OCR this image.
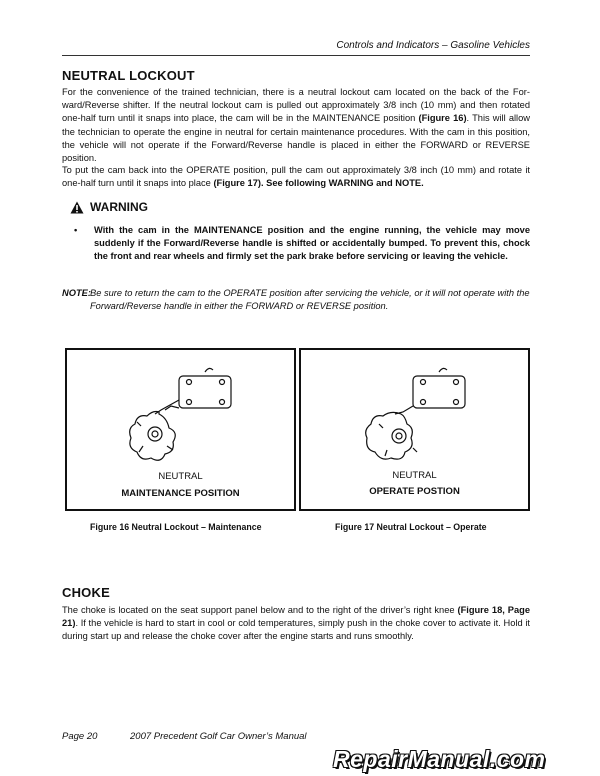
Controls and Indicators – Gasoline Vehicles
NEUTRAL LOCKOUT

For the convenience of the trained technician, there is a neutral lockout cam located on the back of the Forward/Reverse shifter. If the neutral lockout cam is pulled out approximately 3/8 inch (10 mm) and then rotated one-half turn until it snaps into place, the cam will be in the MAINTENANCE position (Figure 16). This will allow the technician to operate the engine in neutral for certain maintenance procedures. With the cam in this position, the vehicle will not operate if the Forward/Reverse handle is placed in either the FORWARD or REVERSE position.

To put the cam back into the OPERATE position, pull the cam out approximately 3/8 inch (10 mm) and rotate it one-half turn until it snaps into place (Figure 17). See following WARNING and NOTE.

WARNING
•	With the cam in the MAINTENANCE position and the engine running, the vehicle may move suddenly if the Forward/Reverse handle is shifted or accidentally bumped. To prevent this, chock the front and rear wheels and firmly set the park brake before servicing or leaving the vehicle.
NOTE: Be sure to return the cam to the OPERATE position after servicing the vehicle, or it will not operate with the Forward/Reverse handle in either the FORWARD or REVERSE position.
NEUTRAL
MAINTENANCE POSITION
NEUTRAL
OPERATE POSTION
Figure 16 Neutral Lockout – Maintenance	Figure 17 Neutral Lockout – Operate
CHOKE

The choke is located on the seat support panel below and to the right of the driver’s right knee (Figure 18, Page 21). If the vehicle is hard to start in cool or cold temperatures, simply push in the choke cover to activate it. Hold it during start up and release the choke cover after the engine starts and runs smoothly.

Page 20	2007 Precedent Golf Car Owner’s Manual
RepairManual.com
